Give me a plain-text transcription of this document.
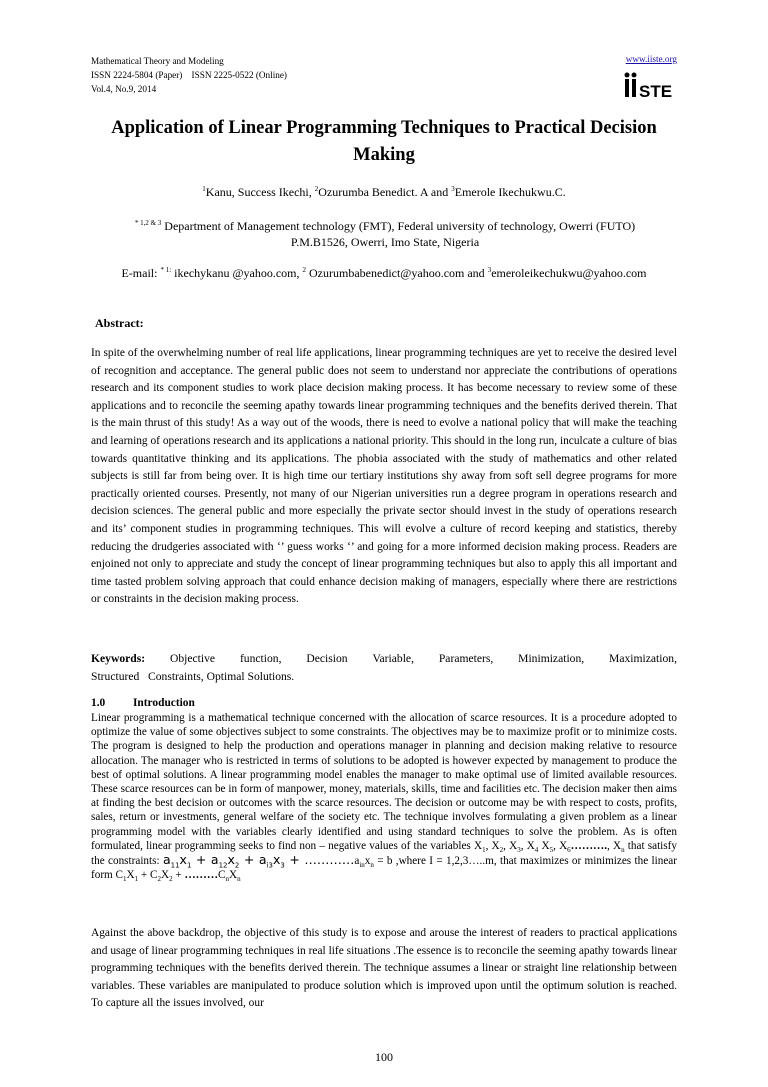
Mathematical Theory and Modeling
ISSN 2224-5804 (Paper)    ISSN 2225-0522 (Online)
Vol.4, No.9, 2014
www.iiste.org
STE
Application of Linear Programming Techniques to Practical Decision Making
$^1$Kanu, Success Ikechi, $^2$Ozurumba Benedict. A and $^3$Emerole Ikechukwu.C.
$^{* 1,2 \& 3}$ Department of Management technology (FMT), Federal university of technology, Owerri (FUTO)
P.M.B1526, Owerri, Imo State, Nigeria
E-mail: $^{* 1:}$ ikechykanu @yahoo.com, $^2$ Ozurumbabenedict@yahoo.com and $^3$emeroleikechukwu@yahoo.com
Abstract:
In spite of the overwhelming number of real life applications, linear programming techniques are yet to receive the desired level of recognition and acceptance. The general public does not seem to understand nor appreciate the contributions of operations research and its component studies to work place decision making process. It has become necessary to review some of these applications and to reconcile the seeming apathy towards linear programming techniques and the benefits derived therein. That is the main thrust of this study! As a way out of the woods, there is need to evolve a national policy that will make the teaching and learning of operations research and its applications a national priority. This should in the long run, inculcate a culture of bias towards quantitative thinking and its applications. The phobia associated with the study of mathematics and other related subjects is still far from being over. It is high time our tertiary institutions shy away from soft sell degree programs for more practically oriented courses. Presently, not many of our Nigerian universities run a degree program in operations research and decision sciences. The general public and more especially the private sector should invest in the study of operations research and its’ component studies in programming techniques. This will evolve a culture of record keeping and statistics, thereby reducing the drudgeries associated with ‘’ guess works ‘’ and going for a more informed decision making process. Readers are enjoined not only to appreciate and study the concept of linear programming techniques but also to apply this all important and time tasted problem solving approach that could enhance decision making of managers, especially where there are restrictions or constraints in the decision making process.
Keywords: Objective function, Decision Variable, Parameters, Minimization, Maximization,
Structured   Constraints, Optimal Solutions.
1.0 Introduction
Linear programming is a mathematical technique concerned with the allocation of scarce resources. It is a procedure adopted to optimize the value of some objectives subject to some constraints. The objectives may be to maximize profit or to minimize costs. The program is designed to help the production and operations manager in planning and decision making relative to resource allocation. The manager who is restricted in terms of solutions to be adopted is however expected by management to produce the best of optimal solutions. A linear programming model enables the manager to make optimal use of limited available resources. These scarce resources can be in form of manpower, money, materials, skills, time and facilities etc. The decision maker then aims at finding the best decision or outcomes with the scarce resources. The decision or outcome may be with respect to costs, profits, sales, return or investments, general welfare of the society etc. The technique involves formulating a given problem as a linear programming model with the variables clearly identified and using standard techniques to solve the problem. As is often formulated, linear programming seeks to find non – negative values of the variables $X_1$, $X_2$, $X_3$, $X_4$ $X_5$, $X_6\dots\dots\dots$., $X_n$ that satisfy the constraints: $a_{11}x_1 + a_{12}x_2 + a_{i3}x_3$ + $\dots\dots\dots\dots a_{in}x_n = b$ ,where I = 1,2,3…..m, that maximizes or minimizes the linear form $C_1X_1 + C_2X_2$ + $\dots\dots\dots C_nX_n$
Against the above backdrop, the objective of this study is to expose and arouse the interest of readers to practical applications and usage of linear programming techniques in real life situations .The essence is to reconcile the seeming apathy towards linear programming techniques with the benefits derived therein. The technique assumes a linear or straight line relationship between variables. These variables are manipulated to produce solution which is improved upon until the optimum solution is reached. To capture all the issues involved, our
100
